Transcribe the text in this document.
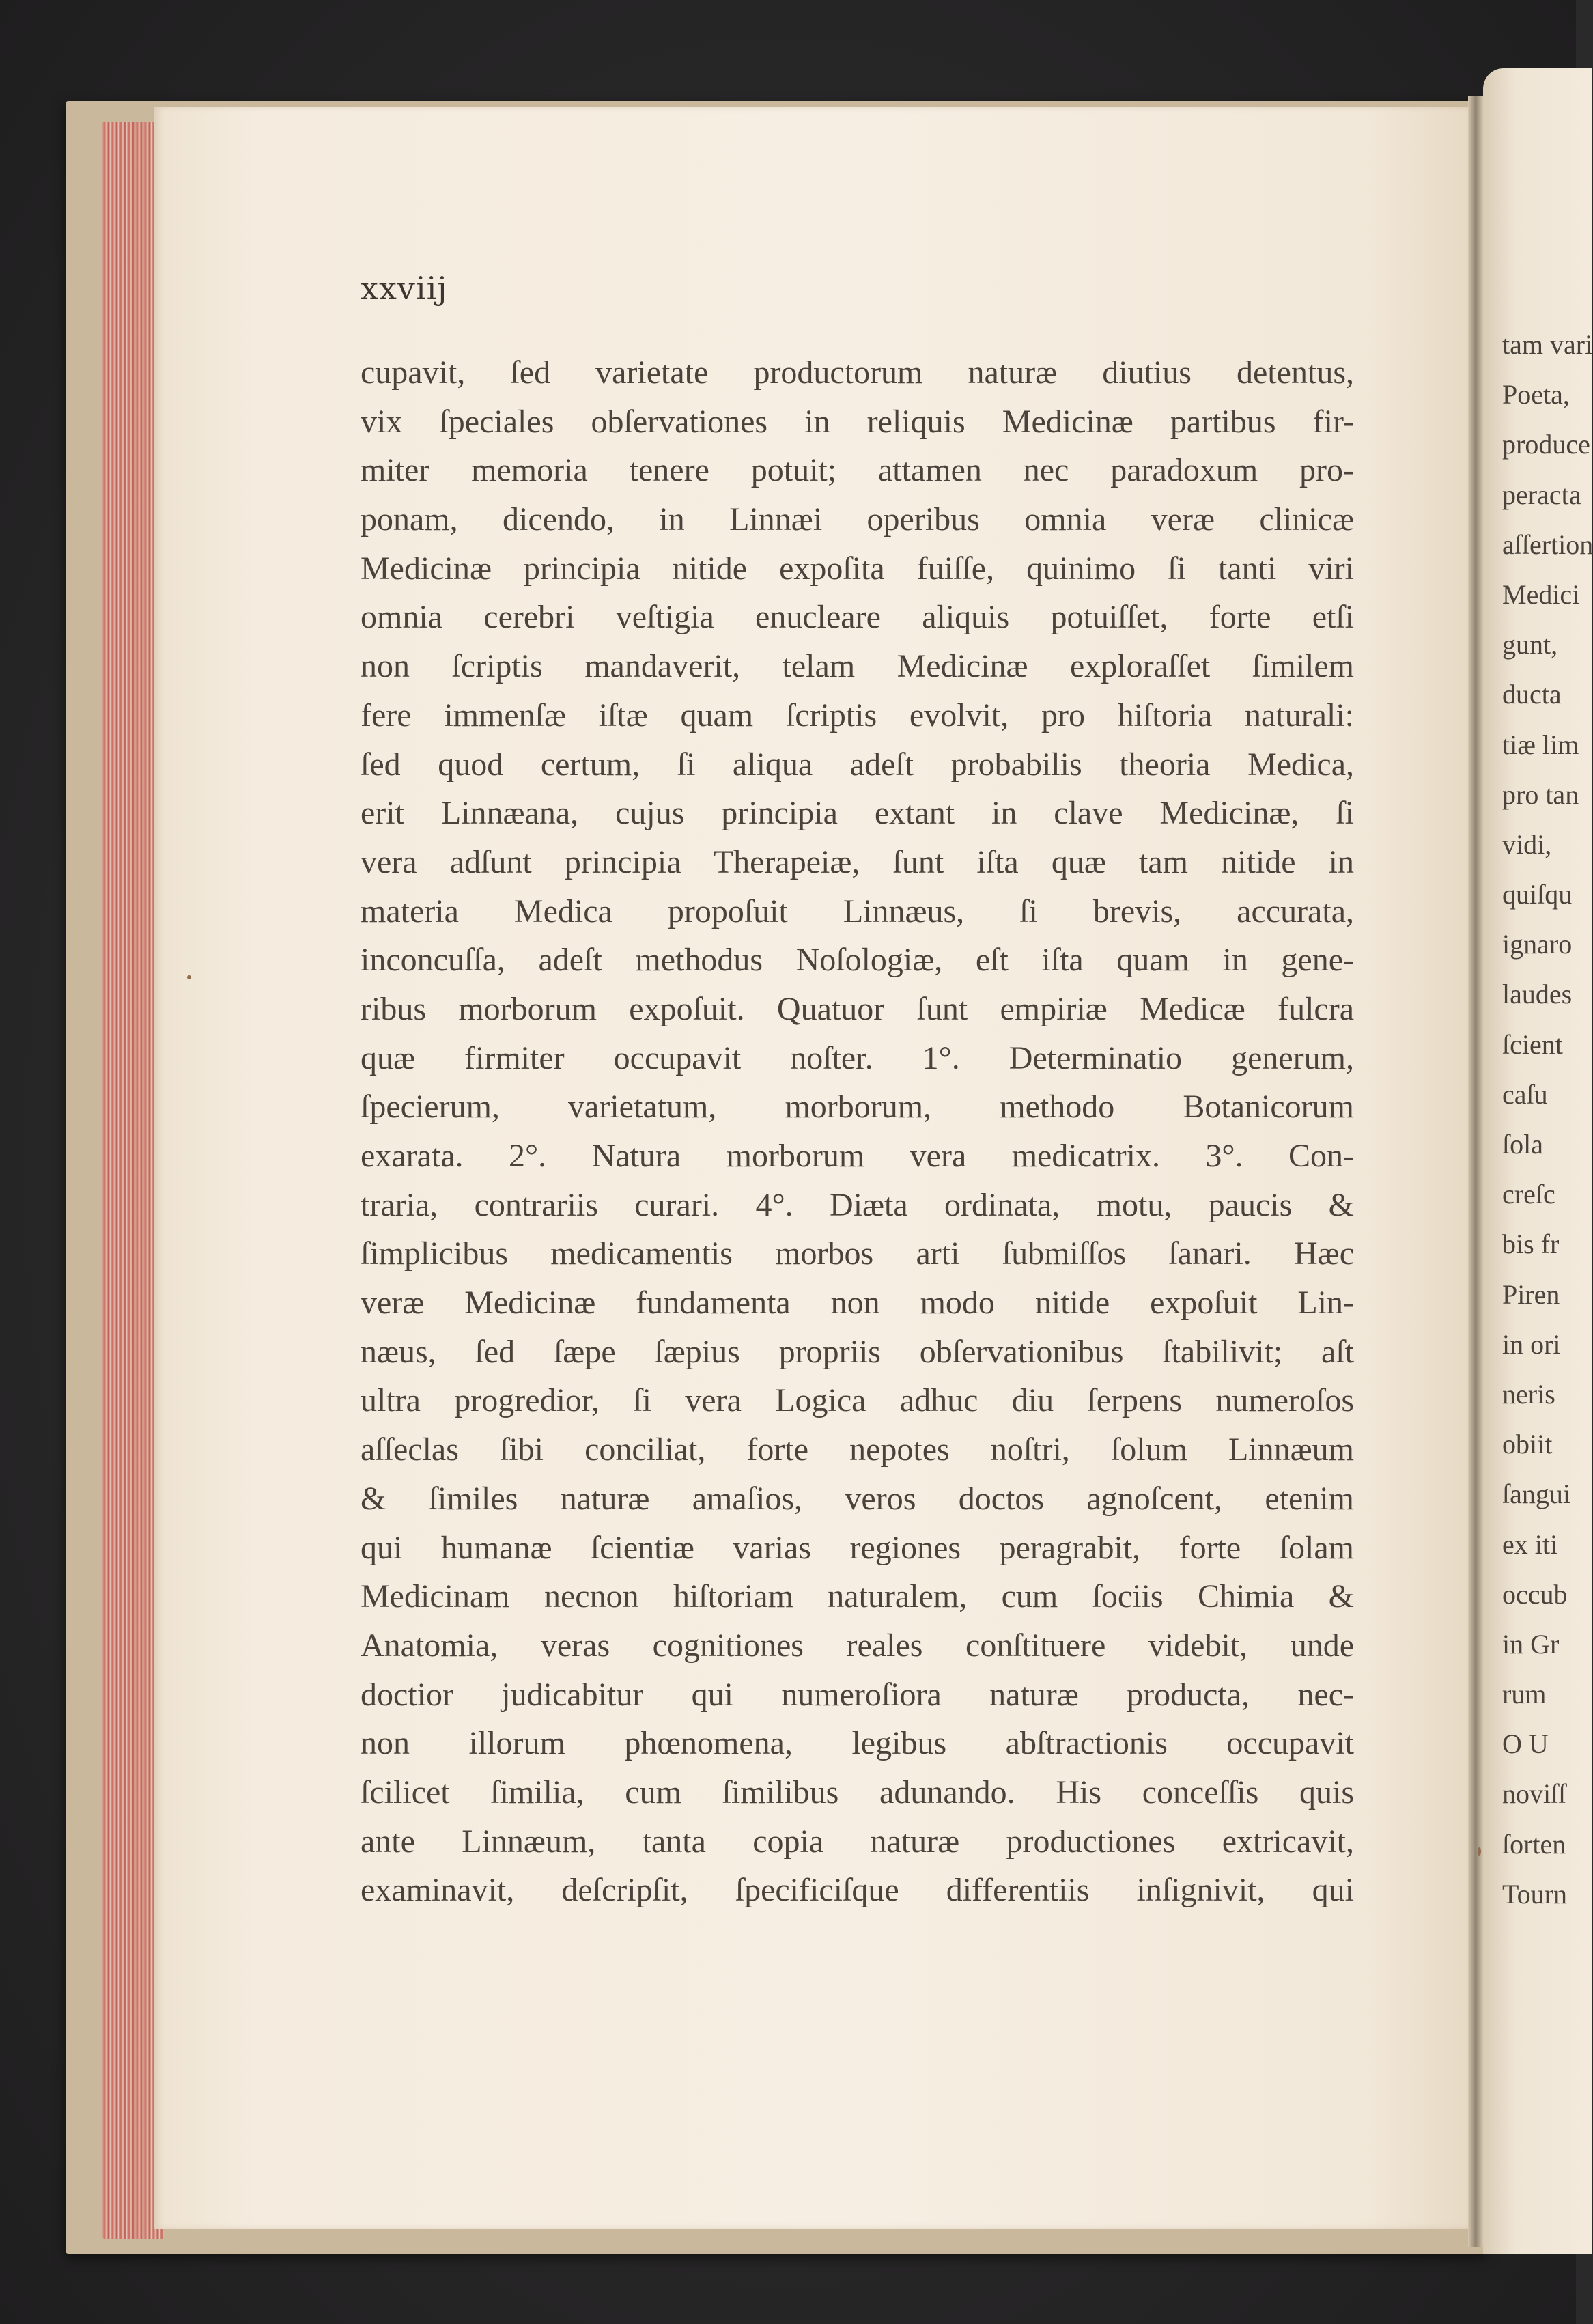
xxviij
cupavit, ſed varietate productorum naturæ diutius detentus,
vix ſpeciales obſervationes in reliquis Medicinæ partibus fir-
miter memoria tenere potuit; attamen nec paradoxum pro-
ponam, dicendo, in Linnæi operibus omnia veræ clinicæ
Medicinæ principia nitide expoſita fuiſſe, quinimo ſi tanti viri
omnia cerebri veſtigia enucleare aliquis potuiſſet, forte etſi
non ſcriptis mandaverit, telam Medicinæ exploraſſet ſimilem
fere immenſæ iſtæ quam ſcriptis evolvit, pro hiſtoria naturali:
ſed quod certum, ſi aliqua adeſt probabilis theoria Medica,
erit Linnæana, cujus principia extant in clave Medicinæ, ſi
vera adſunt principia Therapeiæ, ſunt iſta quæ tam nitide in
materia Medica propoſuit Linnæus, ſi brevis, accurata,
inconcuſſa, adeſt methodus Noſologiæ, eſt iſta quam in gene-
ribus morborum expoſuit. Quatuor ſunt empiriæ Medicæ fulcra
quæ firmiter occupavit noſter. 1°. Determinatio generum,
ſpecierum, varietatum, morborum, methodo Botanicorum
exarata. 2°. Natura morborum vera medicatrix. 3°. Con-
traria, contrariis curari. 4°. Diæta ordinata, motu, paucis &
ſimplicibus medicamentis morbos arti ſubmiſſos ſanari. Hæc
veræ Medicinæ fundamenta non modo nitide expoſuit Lin-
næus, ſed ſæpe ſæpius propriis obſervationibus ſtabilivit; aſt
ultra progredior, ſi vera Logica adhuc diu ſerpens numeroſos
aſſeclas ſibi conciliat, forte nepotes noſtri, ſolum Linnæum
& ſimiles naturæ amaſios, veros doctos agnoſcent, etenim
qui humanæ ſcientiæ varias regiones peragrabit, forte ſolam
Medicinam necnon hiſtoriam naturalem, cum ſociis Chimia &
Anatomia, veras cognitiones reales conſtituere videbit, unde
doctior judicabitur qui numeroſiora naturæ producta, nec-
non illorum phœnomena, legibus abſtractionis occupavit
ſcilicet ſimilia, cum ſimilibus adunando. His conceſſis quis
ante Linnæum, tanta copia naturæ productiones extricavit,
examinavit, deſcripſit, ſpecificiſque differentiis inſignivit, qui
tam vari
Poeta,
produce
peracta
aſſertion
Medici
gunt,
ducta
tiæ lim
pro tan
vidi,
quiſqu
ignaro
laudes
ſcient
caſu
ſola
creſc
bis fr
Piren
in ori
neris
obiit
ſangui
ex iti
occub
in Gr
rum
O U
noviſſ
ſorten
Tourn
